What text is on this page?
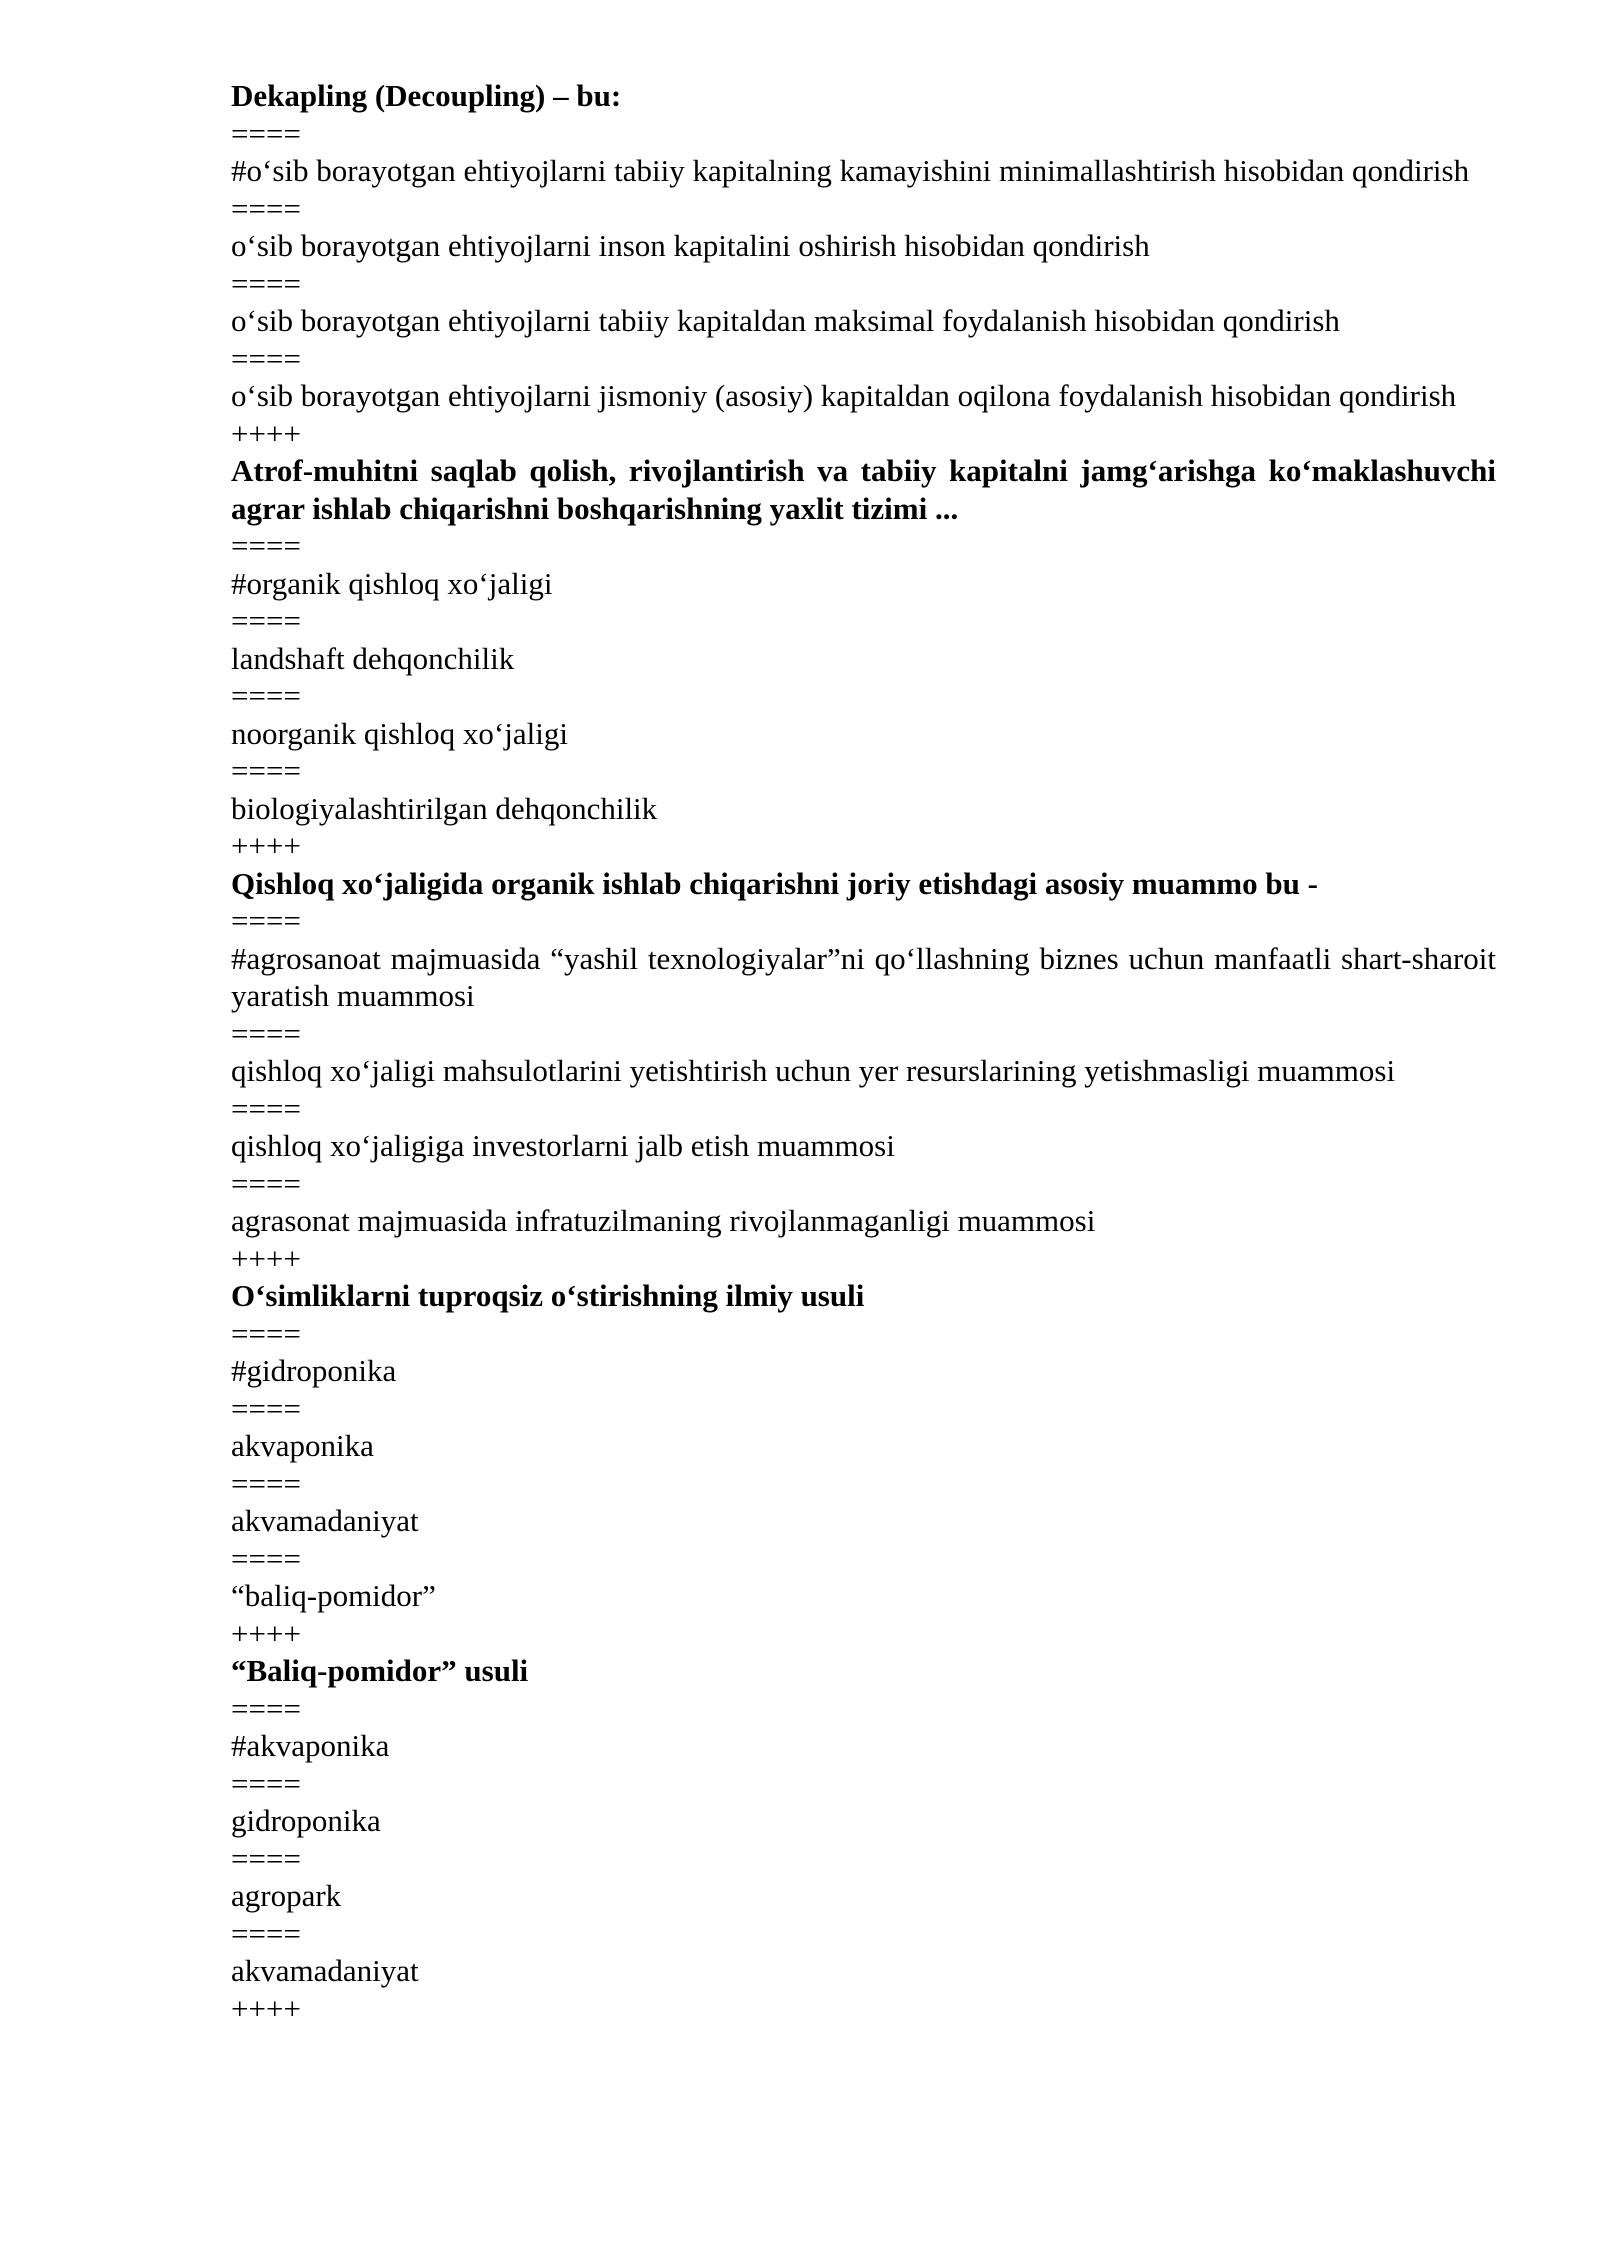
Dekapling (Decoupling) – bu:
====
#o‘sib borayotgan ehtiyojlarni tabiiy kapitalning kamayishini minimallashtirish hisobidan qondirish
====
o‘sib borayotgan ehtiyojlarni inson kapitalini oshirish hisobidan qondirish
====
o‘sib borayotgan ehtiyojlarni tabiiy kapitaldan maksimal foydalanish hisobidan qondirish
====
o‘sib borayotgan ehtiyojlarni jismoniy (asosiy) kapitaldan oqilona foydalanish hisobidan qondirish
++++
Atrof-muhitni saqlab qolish, rivojlantirish va tabiiy kapitalni jamg‘arishga ko‘maklashuvchi agrar ishlab chiqarishni boshqarishning yaxlit tizimi ...
====
#organik qishloq xo‘jaligi
====
landshaft dehqonchilik
====
noorganik qishloq xo‘jaligi
====
biologiyalashtirilgan dehqonchilik
++++
Qishloq xo‘jaligida organik ishlab chiqarishni joriy etishdagi asosiy muammo bu -
====
#agrosanoat majmuasida “yashil texnologiyalar”ni qo‘llashning biznes uchun manfaatli shart-sharoit yaratish muammosi
====
qishloq xo‘jaligi mahsulotlarini yetishtirish uchun yer resurslarining yetishmasligi muammosi
====
qishloq xo‘jaligiga investorlarni jalb etish muammosi
====
agrasonat majmuasida infratuzilmaning rivojlanmaganligi muammosi
++++
O‘simliklarni tuproqsiz o‘stirishning ilmiy usuli
====
#gidroponika
====
akvaponika
====
akvamadaniyat
====
“baliq-pomidor”
++++
“Baliq-pomidor” usuli
====
#akvaponika
====
gidroponika
====
agropark
====
akvamadaniyat
++++
